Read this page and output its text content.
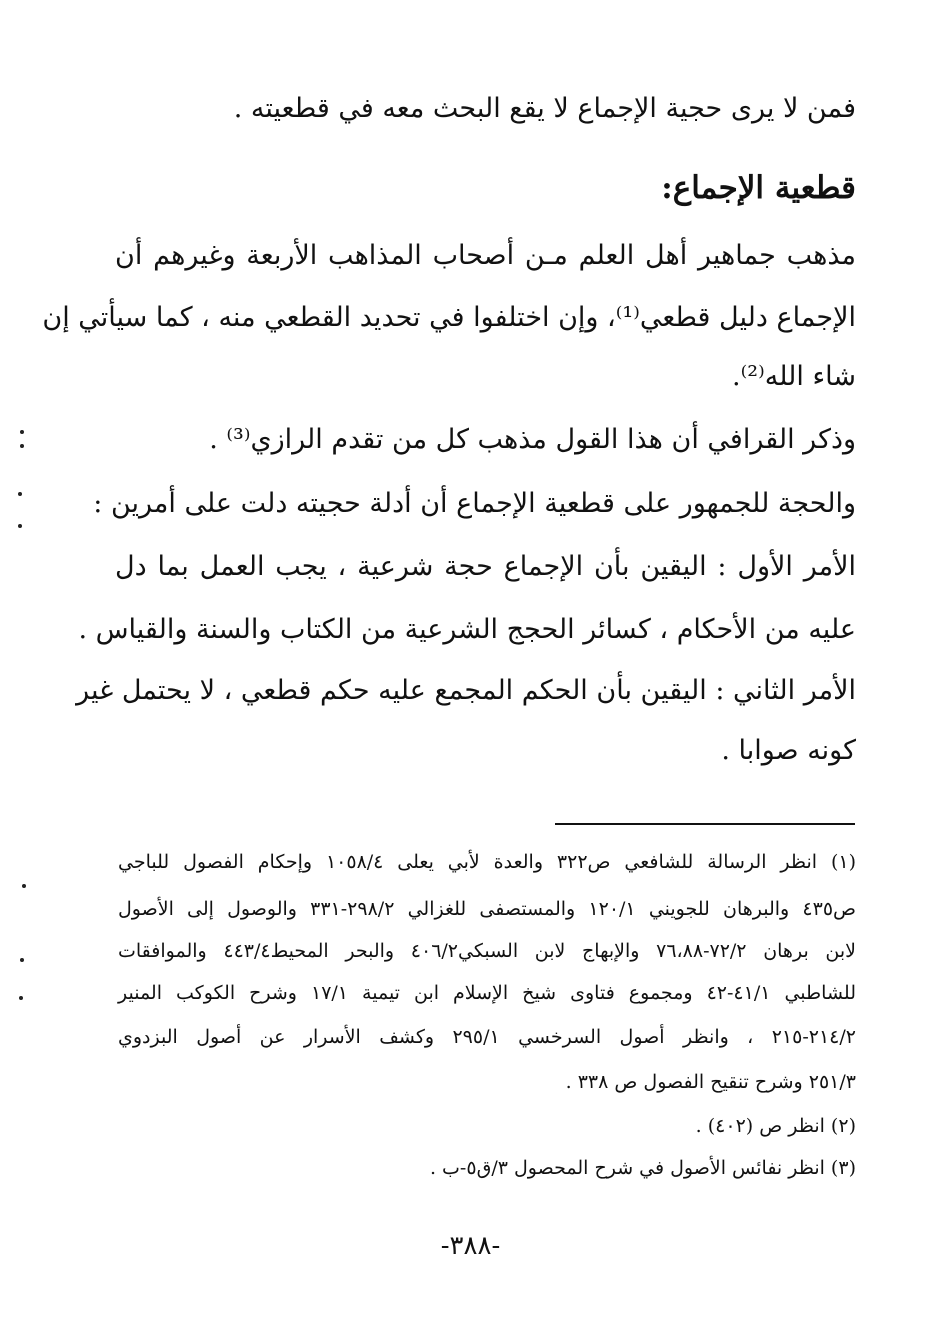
فمن لا يرى حجية الإجماع لا يقع البحث معه في قطعيته .
قطعية الإجماع:
مذهب جماهير أهل العلم مـن أصحاب المذاهب الأربعة وغيرهم أن
الإجماع دليل قطعي⁽¹⁾، وإن اختلفوا في تحديد القطعي منه ، كما سيأتي إن
شاء الله⁽²⁾.
وذكر القرافي أن هذا القول مذهب كل من تقدم الرازي⁽³⁾ .
والحجة للجمهور على قطعية الإجماع أن أدلة حجيته دلت على أمرين :
الأمر الأول : اليقين بأن الإجماع حجة شرعية ، يجب العمل بما دل
عليه من الأحكام ، كسائر الحجج الشرعية من الكتاب والسنة والقياس .
الأمر الثاني : اليقين بأن الحكم المجمع عليه حكم قطعي ، لا يحتمل غير
كونه صوابا .
(١) انظر الرسالة للشافعي ص٣٢٢ والعدة لأبي يعلى ١٠٥٨/٤ وإحكام الفصول للباجي
ص٤٣٥ والبرهان للجويني ١٢٠/١ والمستصفى للغزالي ٢٩٨/٢-٣٣١ والوصول إلى الأصول
لابن برهان ٧٢/٢-٧٦،٨٨ والإبهاج لابن السبكي٤٠٦/٢ والبحر المحيط٤٤٣/٤ والموافقات
للشاطبي ٤١/١-٤٢ ومجموع فتاوى شيخ الإسلام ابن تيمية ١٧/١ وشرح الكوكب المنير
٢١٤/٢-٢١٥ ، وانظر أصول السرخسي ٢٩٥/١ وكشف الأسرار عن أصول البزدوي
٢٥١/٣ وشرح تنقيح الفصول ص ٣٣٨ .
(٢) انظر ص (٤٠٢) .
(٣) انظر نفائس الأصول في شرح المحصول ٣/ق٥-ب .
-٣٨٨-
